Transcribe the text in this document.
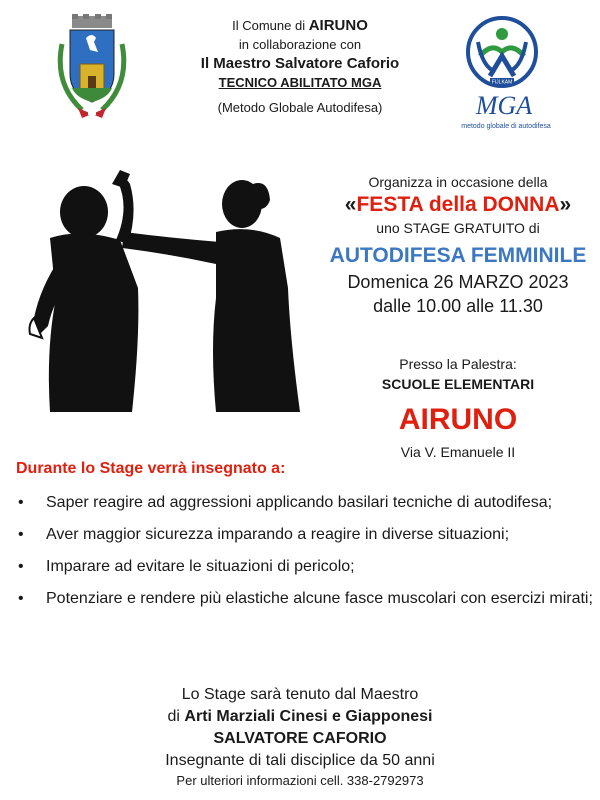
Il Comune di AIRUNO
in collaborazione con
Il Maestro Salvatore Caforio
TECNICO ABILITATO MGA
(Metodo Globale Autodifesa)
FIJLKAM
MGA
metodo globale di autodifesa
Organizza in occasione della
«FESTA della DONNA»
uno STAGE GRATUITO di
AUTODIFESA FEMMINILE
Domenica 26 MARZO 2023
dalle 10.00 alle 11.30
Presso la Palestra:
SCUOLE ELEMENTARI
AIRUNO
Via V. Emanuele II
Durante lo Stage verrà insegnato a:
• Saper reagire ad aggressioni applicando basilari tecniche di autodifesa;
• Aver maggior sicurezza imparando a reagire in diverse situazioni;
• Imparare ad evitare le situazioni di pericolo;
• Potenziare e rendere più elastiche alcune fasce muscolari con esercizi mirati;
Lo Stage sarà tenuto dal Maestro
di Arti Marziali Cinesi e Giapponesi
SALVATORE CAFORIO
Insegnante di tali disciplice da 50 anni
Per ulteriori informazioni cell. 338-2792973
